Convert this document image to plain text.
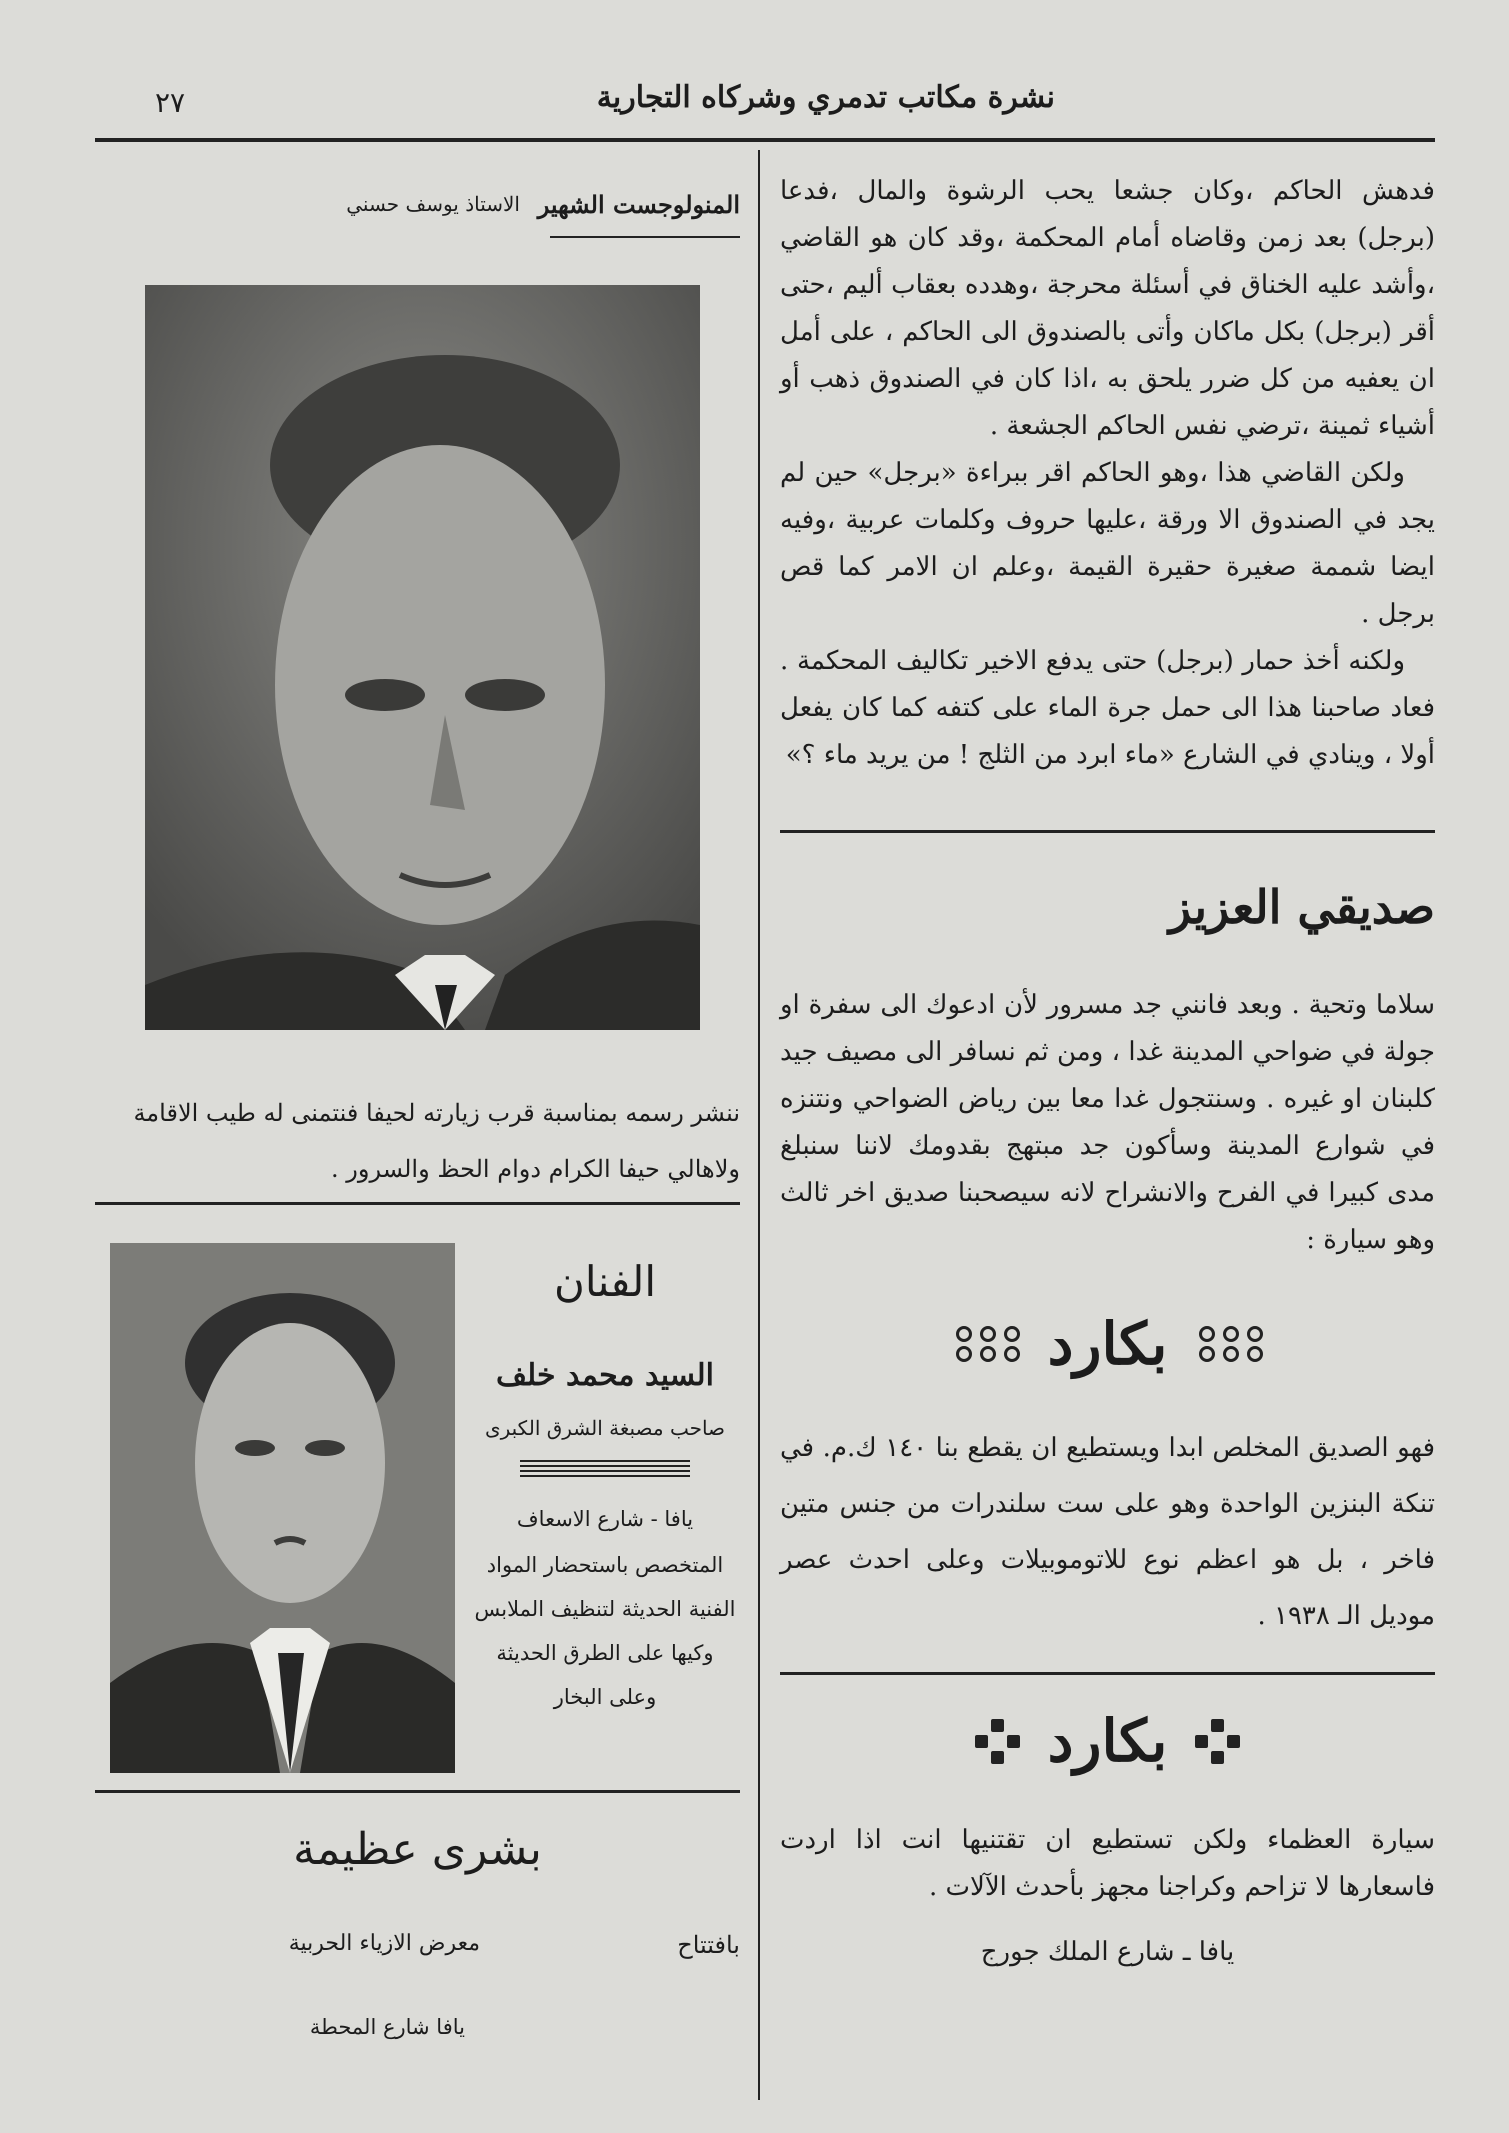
نشرة مكاتب تدمري وشركاه التجارية
٢٧

فدهش الحاكم ،وكان جشعا يحب الرشوة والمال ،فدعا (برجل) بعد زمن وقاضاه أمام المحكمة ،وقد كان هو القاضي ،وأشد عليه الخناق في أسئلة محرجة ،وهدده بعقاب أليم ،حتى أقر (برجل) بكل ماكان وأتى بالصندوق الى الحاكم ، على أمل ان يعفيه من كل ضرر يلحق به ،اذا كان في الصندوق ذهب أو أشياء ثمينة ،ترضي نفس الحاكم الجشعة .

ولكن القاضي هذا ،وهو الحاكم اقر ببراءة «برجل» حين لم يجد في الصندوق الا ورقة ،عليها حروف وكلمات عربية ،وفيه ايضا شممة صغيرة حقيرة القيمة ،وعلم ان الامر كما قص برجل .

ولكنه أخذ حمار (برجل) حتى يدفع الاخير تكاليف المحكمة . فعاد صاحبنا هذا الى حمل جرة الماء على كتفه كما كان يفعل أولا ، وينادي في الشارع «ماء ابرد من الثلج ! من يريد ماء ؟»

صديقي العزيز

سلاما وتحية . وبعد فانني جد مسرور لأن ادعوك الى سفرة او جولة في ضواحي المدينة غدا ، ومن ثم نسافر الى مصيف جيد كلبنان او غيره . وسنتجول غدا معا بين رياض الضواحي ونتنزه في شوارع المدينة وسأكون جد مبتهج بقدومك لاننا سنبلغ مدى كبيرا في الفرح والانشراح لانه سيصحبنا صديق اخر ثالث وهو سيارة :

بكارد

فهو الصديق المخلص ابدا ويستطيع ان يقطع بنا ١٤٠ ك.م. في تنكة البنزين الواحدة وهو على ست سلندرات من جنس متين فاخر ، بل هو اعظم نوع للاتوموبيلات وعلى احدث عصر موديل الـ ١٩٣٨ .

بكارد

سيارة العظماء ولكن تستطيع ان تقتنيها انت اذا اردت فاسعارها لا تزاحم وكراجنا مجهز بأحدث الآلات .

يافا ـ شارع الملك جورج
المنولوجست الشهير
الاستاذ يوسف حسني
ننشر رسمه بمناسبة قرب زيارته لحيفا فنتمنى له طيب الاقامة ولاهالي حيفا الكرام دوام الحظ والسرور .
الفنان
السيد محمد خلف
صاحب مصبغة الشرق الكبرى
يافا - شارع الاسعاف
المتخصص باستحضار المواد الفنية الحديثة لتنظيف الملابس وكيها على الطرق الحديثة وعلى البخار
بشرى عظيمة
بافتتاح
معرض الازياء الحربية
يافا شارع المحطة
